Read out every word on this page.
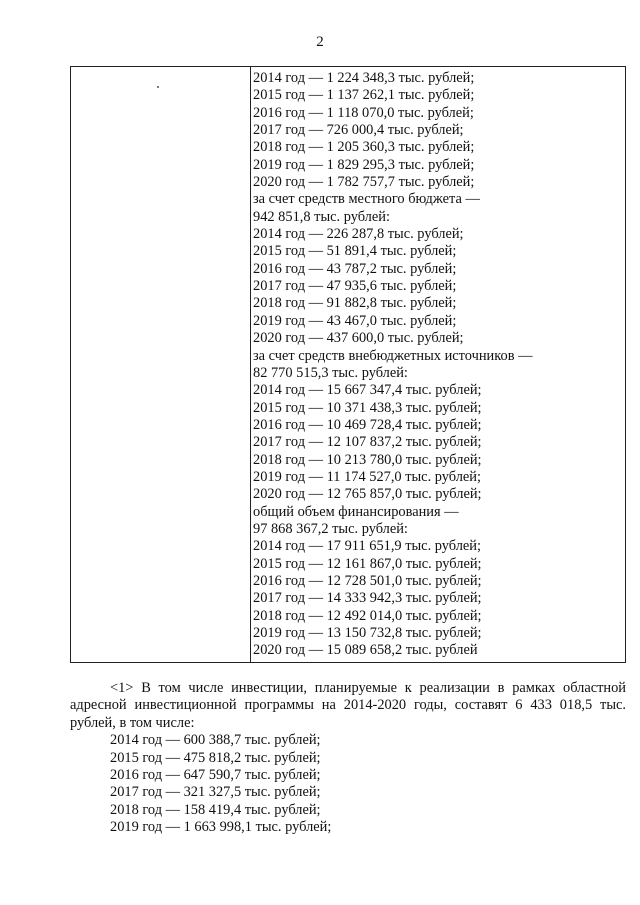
2
2014 год — 1 224 348,3 тыс. рублей;
2015 год — 1 137 262,1 тыс. рублей;
2016 год — 1 118 070,0 тыс. рублей;
2017 год — 726 000,4 тыс. рублей;
2018 год — 1 205 360,3 тыс. рублей;
2019 год — 1 829 295,3 тыс. рублей;
2020 год — 1 782 757,7 тыс. рублей;
за счет средств местного бюджета —
942 851,8 тыс. рублей:
2014 год — 226 287,8 тыс. рублей;
2015 год — 51 891,4 тыс. рублей;
2016 год — 43 787,2 тыс. рублей;
2017 год — 47 935,6 тыс. рублей;
2018 год — 91 882,8 тыс. рублей;
2019 год — 43 467,0 тыс. рублей;
2020 год — 437 600,0 тыс. рублей;
за счет средств внебюджетных источников —
82 770 515,3 тыс. рублей:
2014 год — 15 667 347,4 тыс. рублей;
2015 год — 10 371 438,3 тыс. рублей;
2016 год — 10 469 728,4 тыс. рублей;
2017 год — 12 107 837,2 тыс. рублей;
2018 год — 10 213 780,0 тыс. рублей;
2019 год — 11 174 527,0 тыс. рублей;
2020 год — 12 765 857,0 тыс. рублей;
общий объем финансирования —
97 868 367,2 тыс. рублей:
2014 год — 17 911 651,9 тыс. рублей;
2015 год — 12 161 867,0 тыс. рублей;
2016 год — 12 728 501,0 тыс. рублей;
2017 год — 14 333 942,3 тыс. рублей;
2018 год — 12 492 014,0 тыс. рублей;
2019 год — 13 150 732,8 тыс. рублей;
2020 год — 15 089 658,2 тыс. рублей
<1> В том числе инвестиции, планируемые к реализации в рамках областной адресной инвестиционной программы на 2014-2020 годы, составят 6 433 018,5 тыс. рублей, в том числе:
2014 год — 600 388,7 тыс. рублей;
2015 год — 475 818,2 тыс. рублей;
2016 год — 647 590,7 тыс. рублей;
2017 год — 321 327,5 тыс. рублей;
2018 год — 158 419,4 тыс. рублей;
2019 год — 1 663 998,1 тыс. рублей;
